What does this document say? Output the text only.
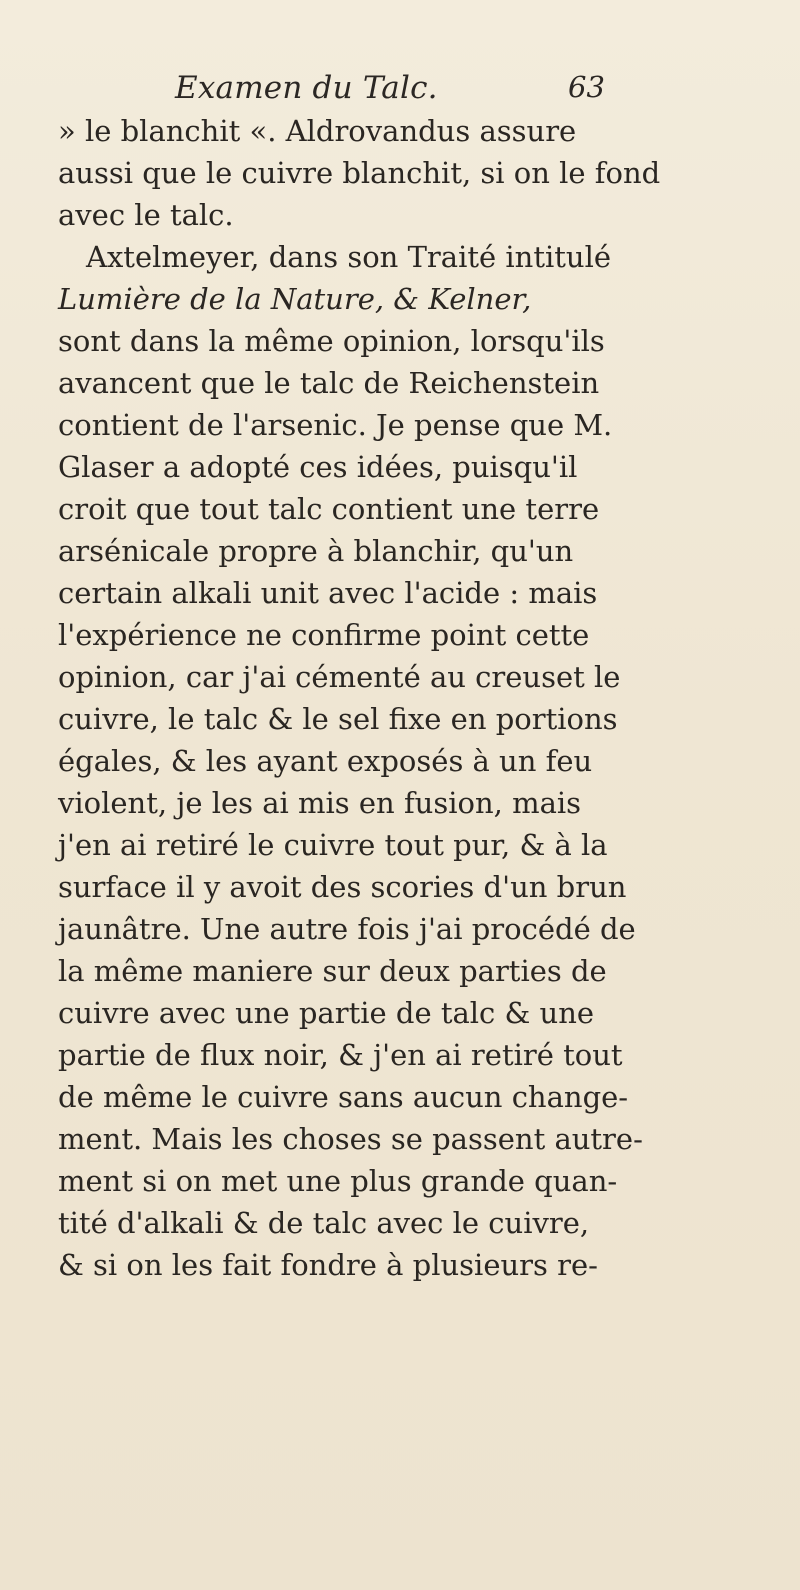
Examen du Talc.	63
» le blanchit «. Aldrovandus assure
aussi que le cuivre blanchit, si on le fond
avec le talc.
Axtelmeyer, dans son Traité intitulé
Lumière de la Nature, & Kelner,
sont dans la même opinion, lorsqu'ils
avancent que le talc de Reichenstein
contient de l'arsenic. Je pense que M.
Glaser a adopté ces idées, puisqu'il
croit que tout talc contient une terre
arsénicale propre à blanchir, qu'un
certain alkali unit avec l'acide : mais
l'expérience ne confirme point cette
opinion, car j'ai cémenté au creuset le
cuivre, le talc & le sel fixe en portions
égales, & les ayant exposés à un feu
violent, je les ai mis en fusion, mais
j'en ai retiré le cuivre tout pur, & à la
surface il y avoit des scories d'un brun
jaunâtre. Une autre fois j'ai procédé de
la même maniere sur deux parties de
cuivre avec une partie de talc & une
partie de flux noir, & j'en ai retiré tout
de même le cuivre sans aucun change-
ment. Mais les choses se passent autre-
ment si on met une plus grande quan-
tité d'alkali & de talc avec le cuivre,
& si on les fait fondre à plusieurs re-
